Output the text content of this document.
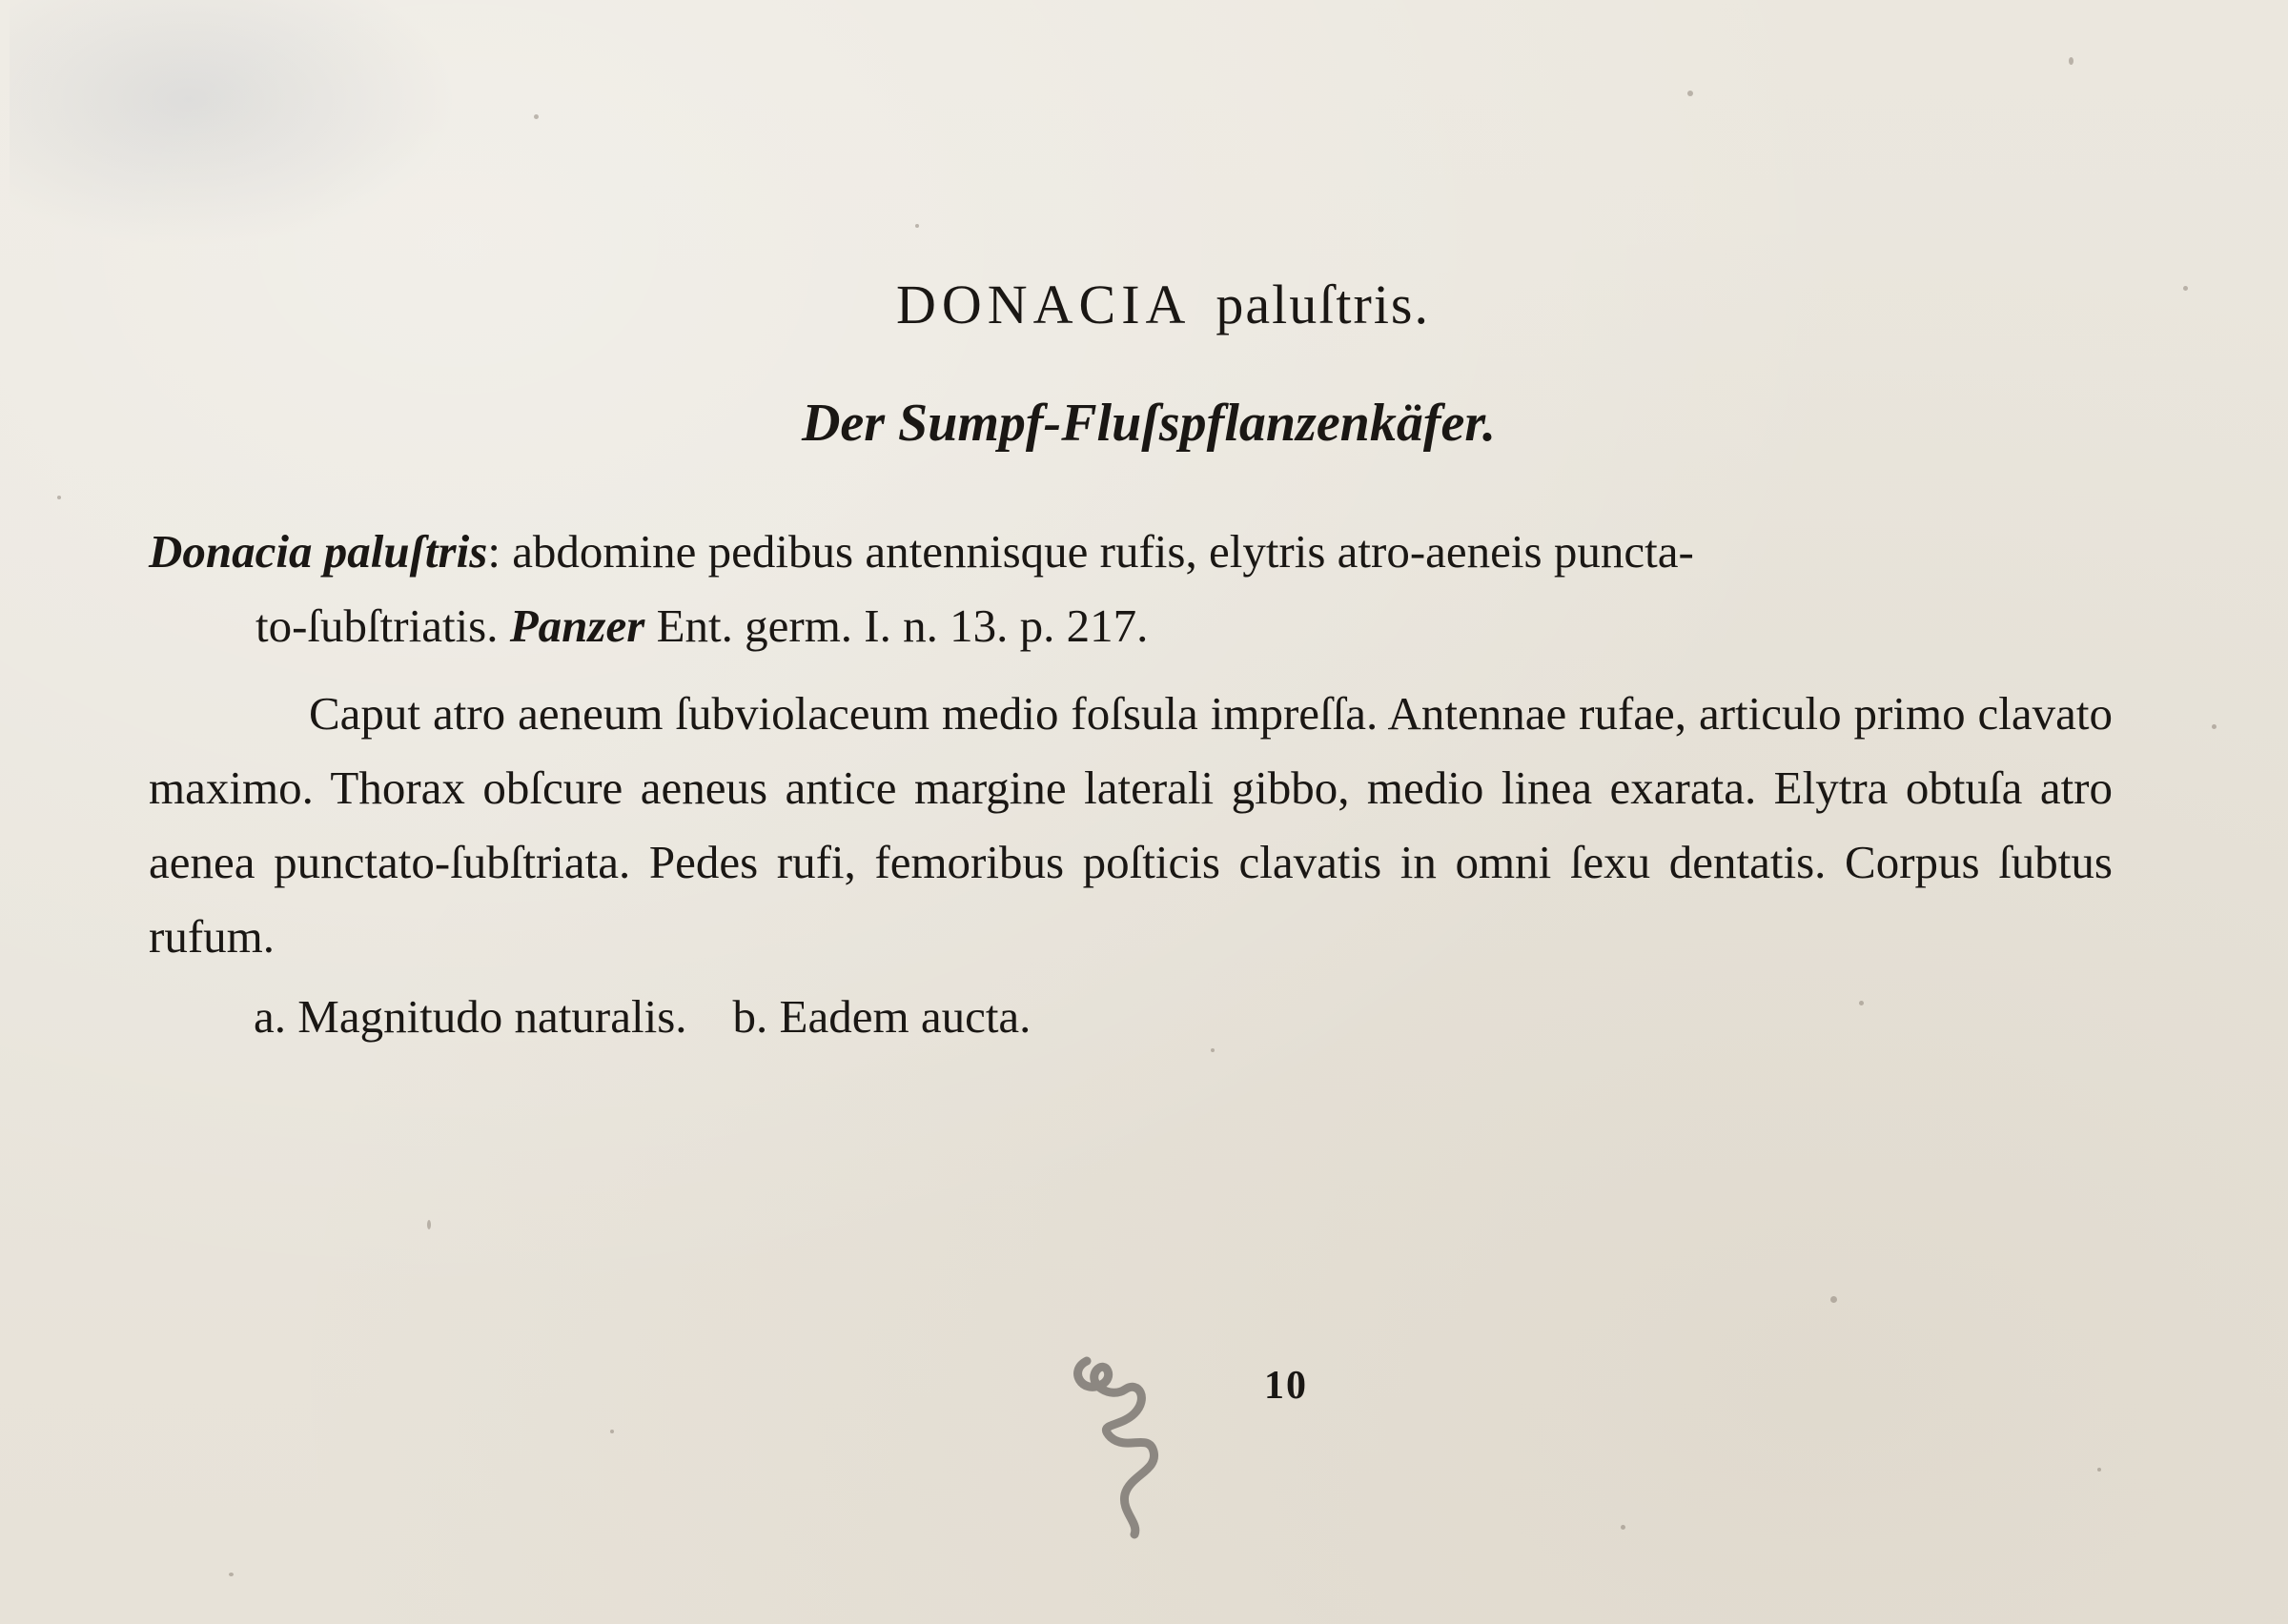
DONACIA paluſtris.
Der Sumpf-Fluſspflanzenkäfer.
Donacia paluſtris: abdomine pedibus antennisque rufis, elytris atro-aeneis puncta-
to-ſubſtriatis. Panzer Ent. germ. I. n. 13. p. 217.
Caput atro aeneum ſubviolaceum medio foſsula impreſſa. Antennae rufae, articulo primo clavato maximo. Thorax obſcure aeneus antice margine laterali gibbo, medio linea exarata. Elytra obtuſa atro aenea punctato-ſubſtriata. Pedes rufi, femoribus poſticis clavatis in omni ſexu dentatis. Corpus ſubtus rufum.
a. Magnitudo naturalis. b. Eadem aucta.
10
